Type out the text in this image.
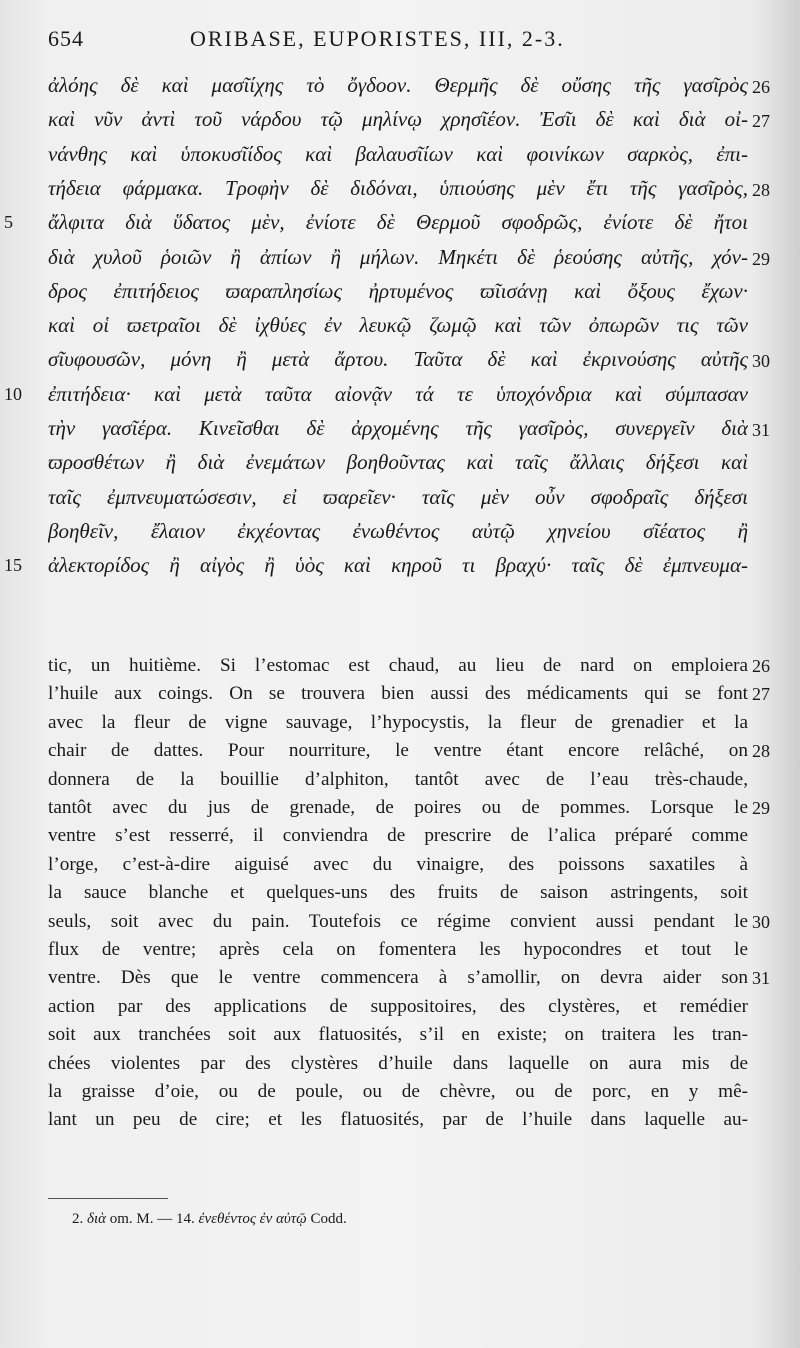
654	ORIBASE, EUPORISTES, III, 2-3.
ἀλόης δὲ καὶ μασῖίχης τὸ ὄγδοον. Θερμῆς δὲ οὔσης τῆς γασῖρὸς 26
καὶ νῦν ἀντὶ τοῦ νάρδου τῷ μηλίνῳ χρησῖέον. Ἐσῖι δὲ καὶ διὰ οἰ- 27
νάνθης καὶ ὑποκυσῖίδος καὶ βαλαυσῖίων καὶ φοινίκων σαρκὸς, ἐπι-
τήδεια φάρμακα. Τροφὴν δὲ διδόναι, ὑπιούσης μὲν ἔτι τῆς γασῖρὸς, 28
ἄλφιτα διὰ ὕδατος μὲν, ἐνίοτε δὲ Θερμοῦ σφοδρῶς, ἐνίοτε δὲ ἤτοι
5
διὰ χυλοῦ ῥοιῶν ἢ ἀπίων ἢ μήλων. Μηκέτι δὲ ῥεούσης αὐτῆς, χόν- 29
δρος ἐπιτήδειος ϖαραπλησίως ἠρτυμένος ϖῖισάνῃ καὶ ὄξους ἔχων·
καὶ οἱ ϖετραῖοι δὲ ἰχθύες ἐν λευκῷ ζωμῷ καὶ τῶν ὀπωρῶν τις τῶν
σῖυφουσῶν, μόνη ἢ μετὰ ἄρτου. Ταῦτα δὲ καὶ ἐκρινούσης αὐτῆς 30
ἐπιτήδεια· καὶ μετὰ ταῦτα αἰονᾷν τά τε ὑποχόνδρια καὶ σύμπασαν
10
τὴν γασῖέρα. Κινεῖσθαι δὲ ἀρχομένης τῆς γασῖρὸς, συνεργεῖν διὰ 31
ϖροσθέτων ἢ διὰ ἐνεμάτων βοηθοῦντας καὶ ταῖς ἄλλαις δήξεσι καὶ
ταῖς ἐμπνευματώσεσιν, εἰ ϖαρεῖεν· ταῖς μὲν οὖν σφοδραῖς δήξεσι
βοηθεῖν, ἔλαιον ἐκχέοντας ἐνωθέντος αὐτῷ χηνείου σῖέατος ἢ
ἀλεκτορίδος ἢ αἰγὸς ἢ ὑὸς καὶ κηροῦ τι βραχύ· ταῖς δὲ ἐμπνευμα-
15
tic, un huitième. Si l’estomac est chaud, au lieu de nard on emploiera 26
l’huile aux coings. On se trouvera bien aussi des médicaments qui se font 27
avec la fleur de vigne sauvage, l’hypocystis, la fleur de grenadier et la
chair de dattes. Pour nourriture, le ventre étant encore relâché, on 28
donnera de la bouillie d’alphiton, tantôt avec de l’eau très-chaude,
tantôt avec du jus de grenade, de poires ou de pommes. Lorsque le 29
ventre s’est resserré, il conviendra de prescrire de l’alica préparé comme
l’orge, c’est-à-dire aiguisé avec du vinaigre, des poissons saxatiles à
la sauce blanche et quelques-uns des fruits de saison astringents, soit
seuls, soit avec du pain. Toutefois ce régime convient aussi pendant le 30
flux de ventre; après cela on fomentera les hypocondres et tout le
ventre. Dès que le ventre commencera à s’amollir, on devra aider son 31
action par des applications de suppositoires, des clystères, et remédier
soit aux tranchées soit aux flatuosités, s’il en existe; on traitera les tran-
chées violentes par des clystères d’huile dans laquelle on aura mis de
la graisse d’oie, ou de poule, ou de chèvre, ou de porc, en y mê-
lant un peu de cire; et les flatuosités, par de l’huile dans laquelle au-
2. διὰ om. M. — 14. ἐνεθέντος ἐν αὐτῷ Codd.
